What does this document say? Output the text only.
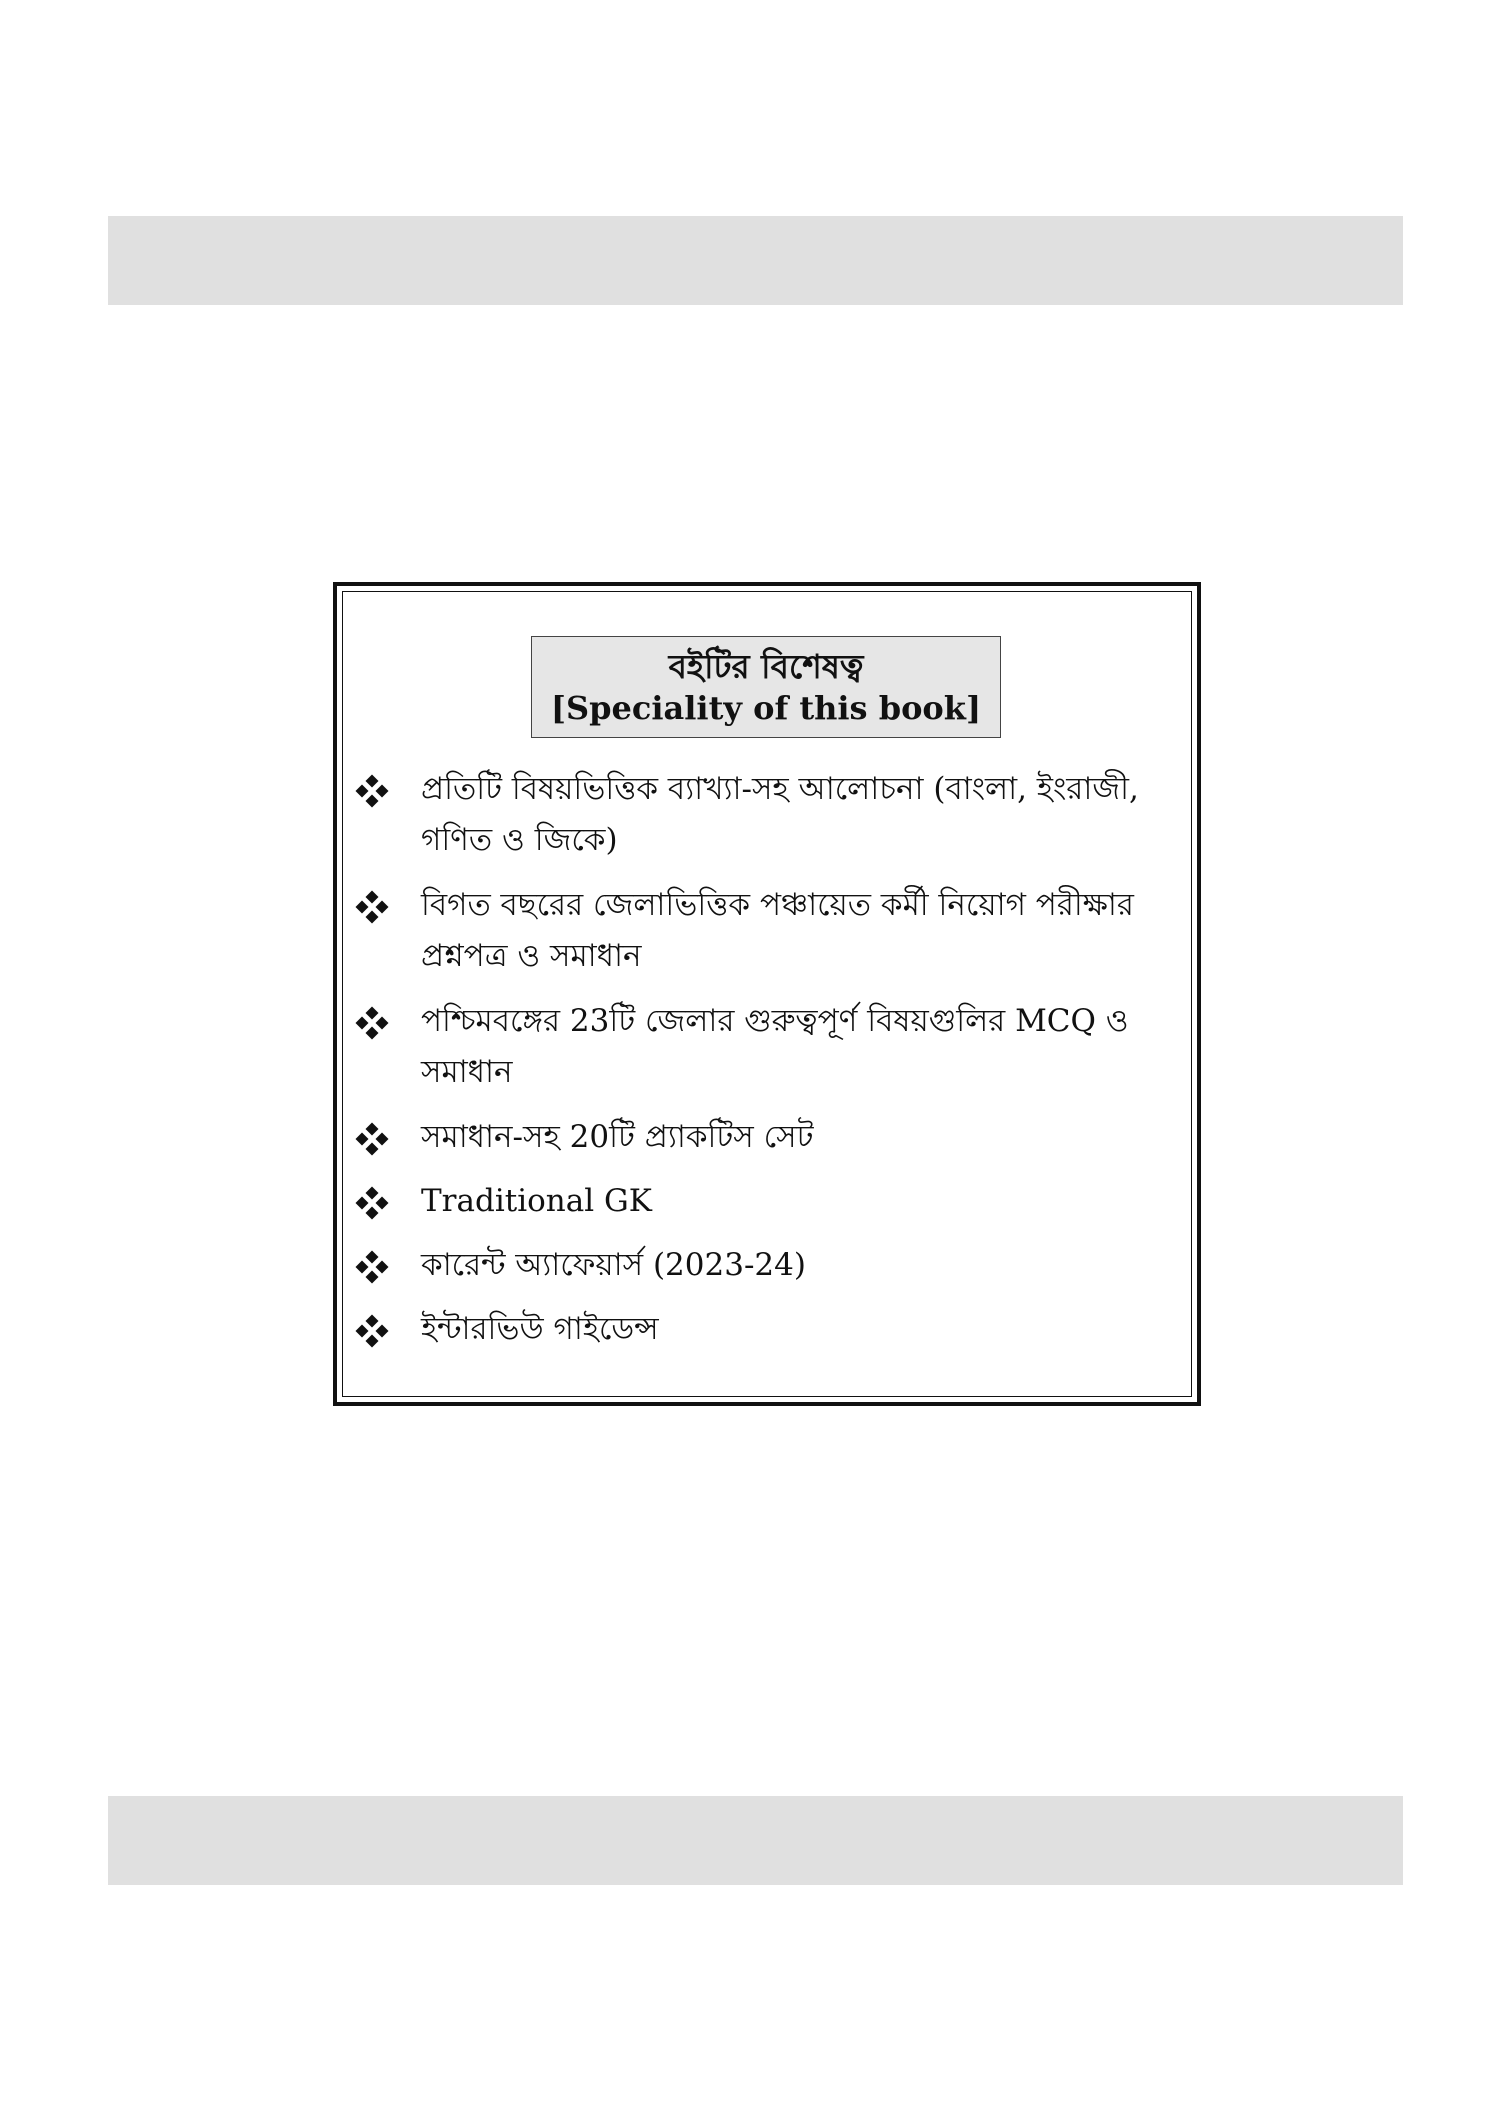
বইটির বিশেষত্ব
[Speciality of this book]
প্রতিটি বিষয়ভিত্তিক ব্যাখ্যা-সহ আলোচনা (বাংলা, ইংরাজী, গণিত ও জিকে)
বিগত বছরের জেলাভিত্তিক পঞ্চায়েত কর্মী নিয়োগ পরীক্ষার প্রশ্নপত্র ও সমাধান
পশ্চিমবঙ্গের 23টি জেলার গুরুত্বপূর্ণ বিষয়গুলির MCQ ও সমাধান
সমাধান-সহ 20টি প্র্যাকটিস সেট
Traditional GK
কারেন্ট অ্যাফেয়ার্স (2023-24)
ইন্টারভিউ গাইডেন্স
